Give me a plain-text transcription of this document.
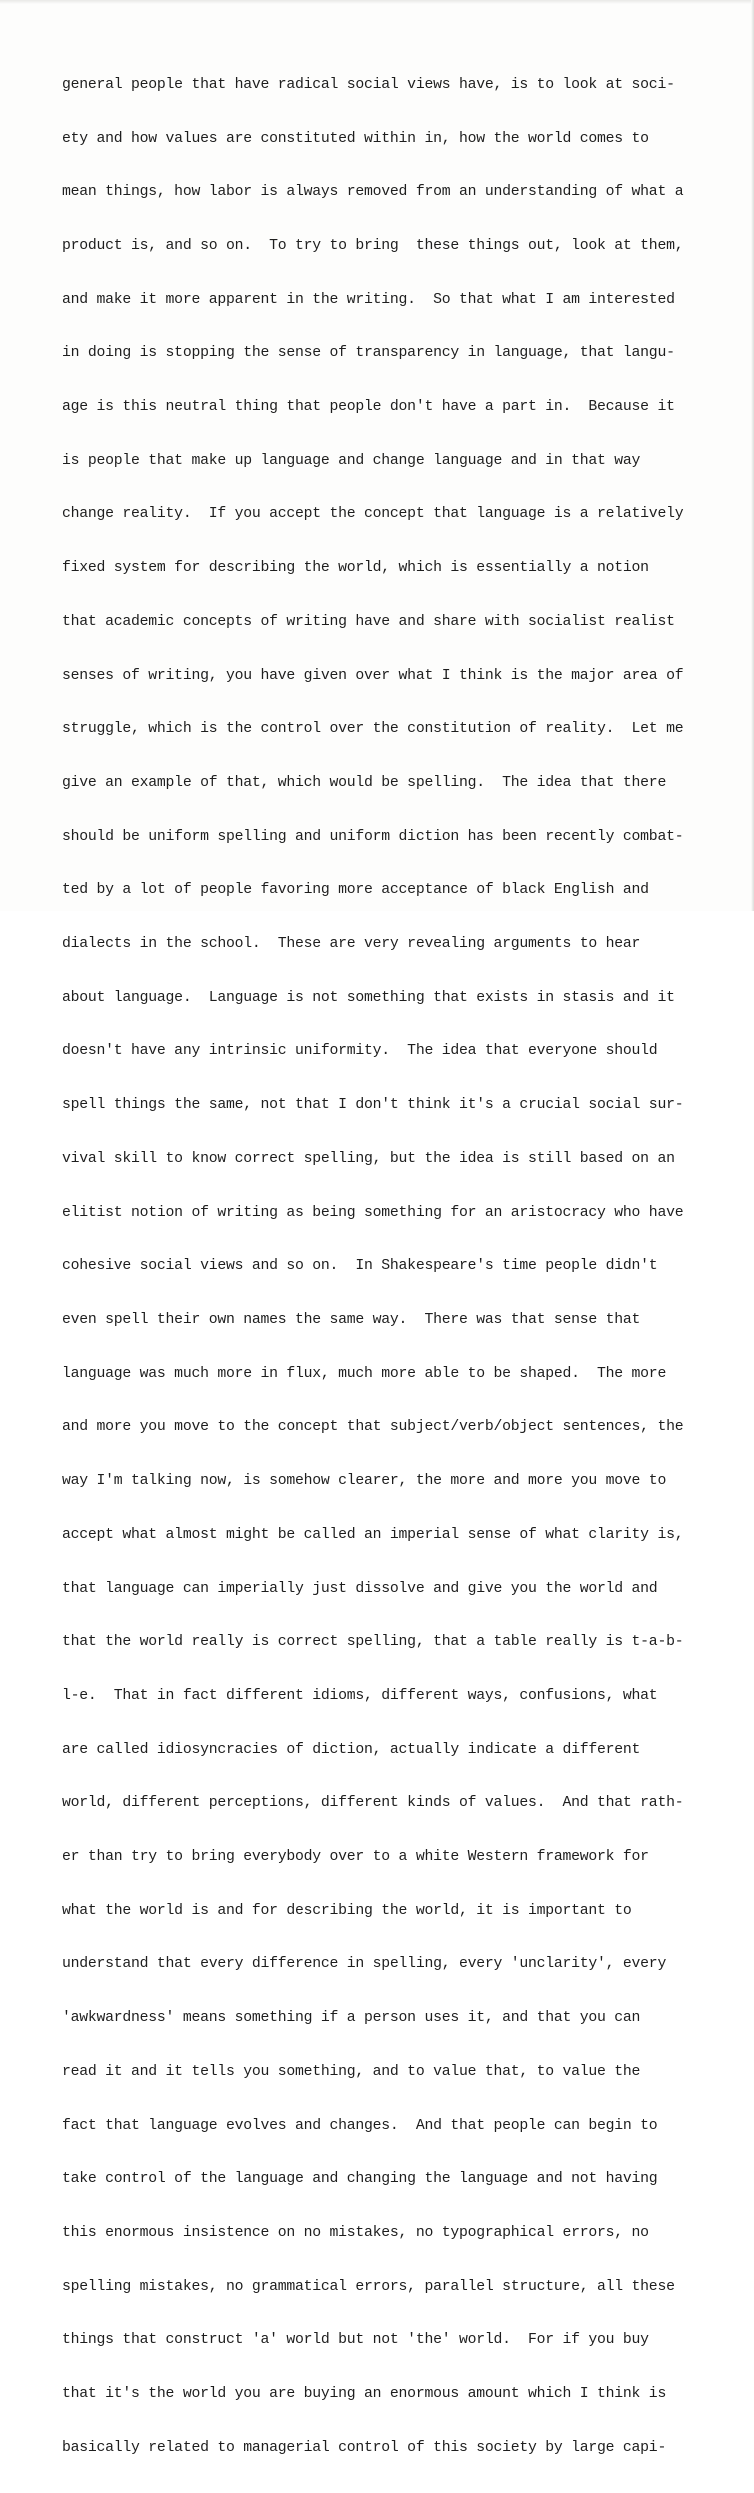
general people that have radical social views have, is to look at soci-

ety and how values are constituted within in, how the world comes to

mean things, how labor is always removed from an understanding of what a

product is, and so on.  To try to bring  these things out, look at them,

and make it more apparent in the writing.  So that what I am interested

in doing is stopping the sense of transparency in language, that langu-

age is this neutral thing that people don't have a part in.  Because it

is people that make up language and change language and in that way

change reality.  If you accept the concept that language is a relatively

fixed system for describing the world, which is essentially a notion

that academic concepts of writing have and share with socialist realist

senses of writing, you have given over what I think is the major area of

struggle, which is the control over the constitution of reality.  Let me

give an example of that, which would be spelling.  The idea that there

should be uniform spelling and uniform diction has been recently combat-

ted by a lot of people favoring more acceptance of black English and

dialects in the school.  These are very revealing arguments to hear

about language.  Language is not something that exists in stasis and it

doesn't have any intrinsic uniformity.  The idea that everyone should

spell things the same, not that I don't think it's a crucial social sur-

vival skill to know correct spelling, but the idea is still based on an

elitist notion of writing as being something for an aristocracy who have

cohesive social views and so on.  In Shakespeare's time people didn't

even spell their own names the same way.  There was that sense that

language was much more in flux, much more able to be shaped.  The more

and more you move to the concept that subject/verb/object sentences, the

way I'm talking now, is somehow clearer, the more and more you move to

accept what almost might be called an imperial sense of what clarity is,

that language can imperially just dissolve and give you the world and

that the world really is correct spelling, that a table really is t-a-b-

l-e.  That in fact different idioms, different ways, confusions, what

are called idiosyncracies of diction, actually indicate a different

world, different perceptions, different kinds of values.  And that rath-

er than try to bring everybody over to a white Western framework for

what the world is and for describing the world, it is important to

understand that every difference in spelling, every 'unclarity', every

'awkwardness' means something if a person uses it, and that you can

read it and it tells you something, and to value that, to value the

fact that language evolves and changes.  And that people can begin to

take control of the language and changing the language and not having

this enormous insistence on no mistakes, no typographical errors, no

spelling mistakes, no grammatical errors, parallel structure, all these

things that construct 'a' world but not 'the' world.  For if you buy

that it's the world you are buying an enormous amount which I think is

basically related to managerial control of this society by large capi-
